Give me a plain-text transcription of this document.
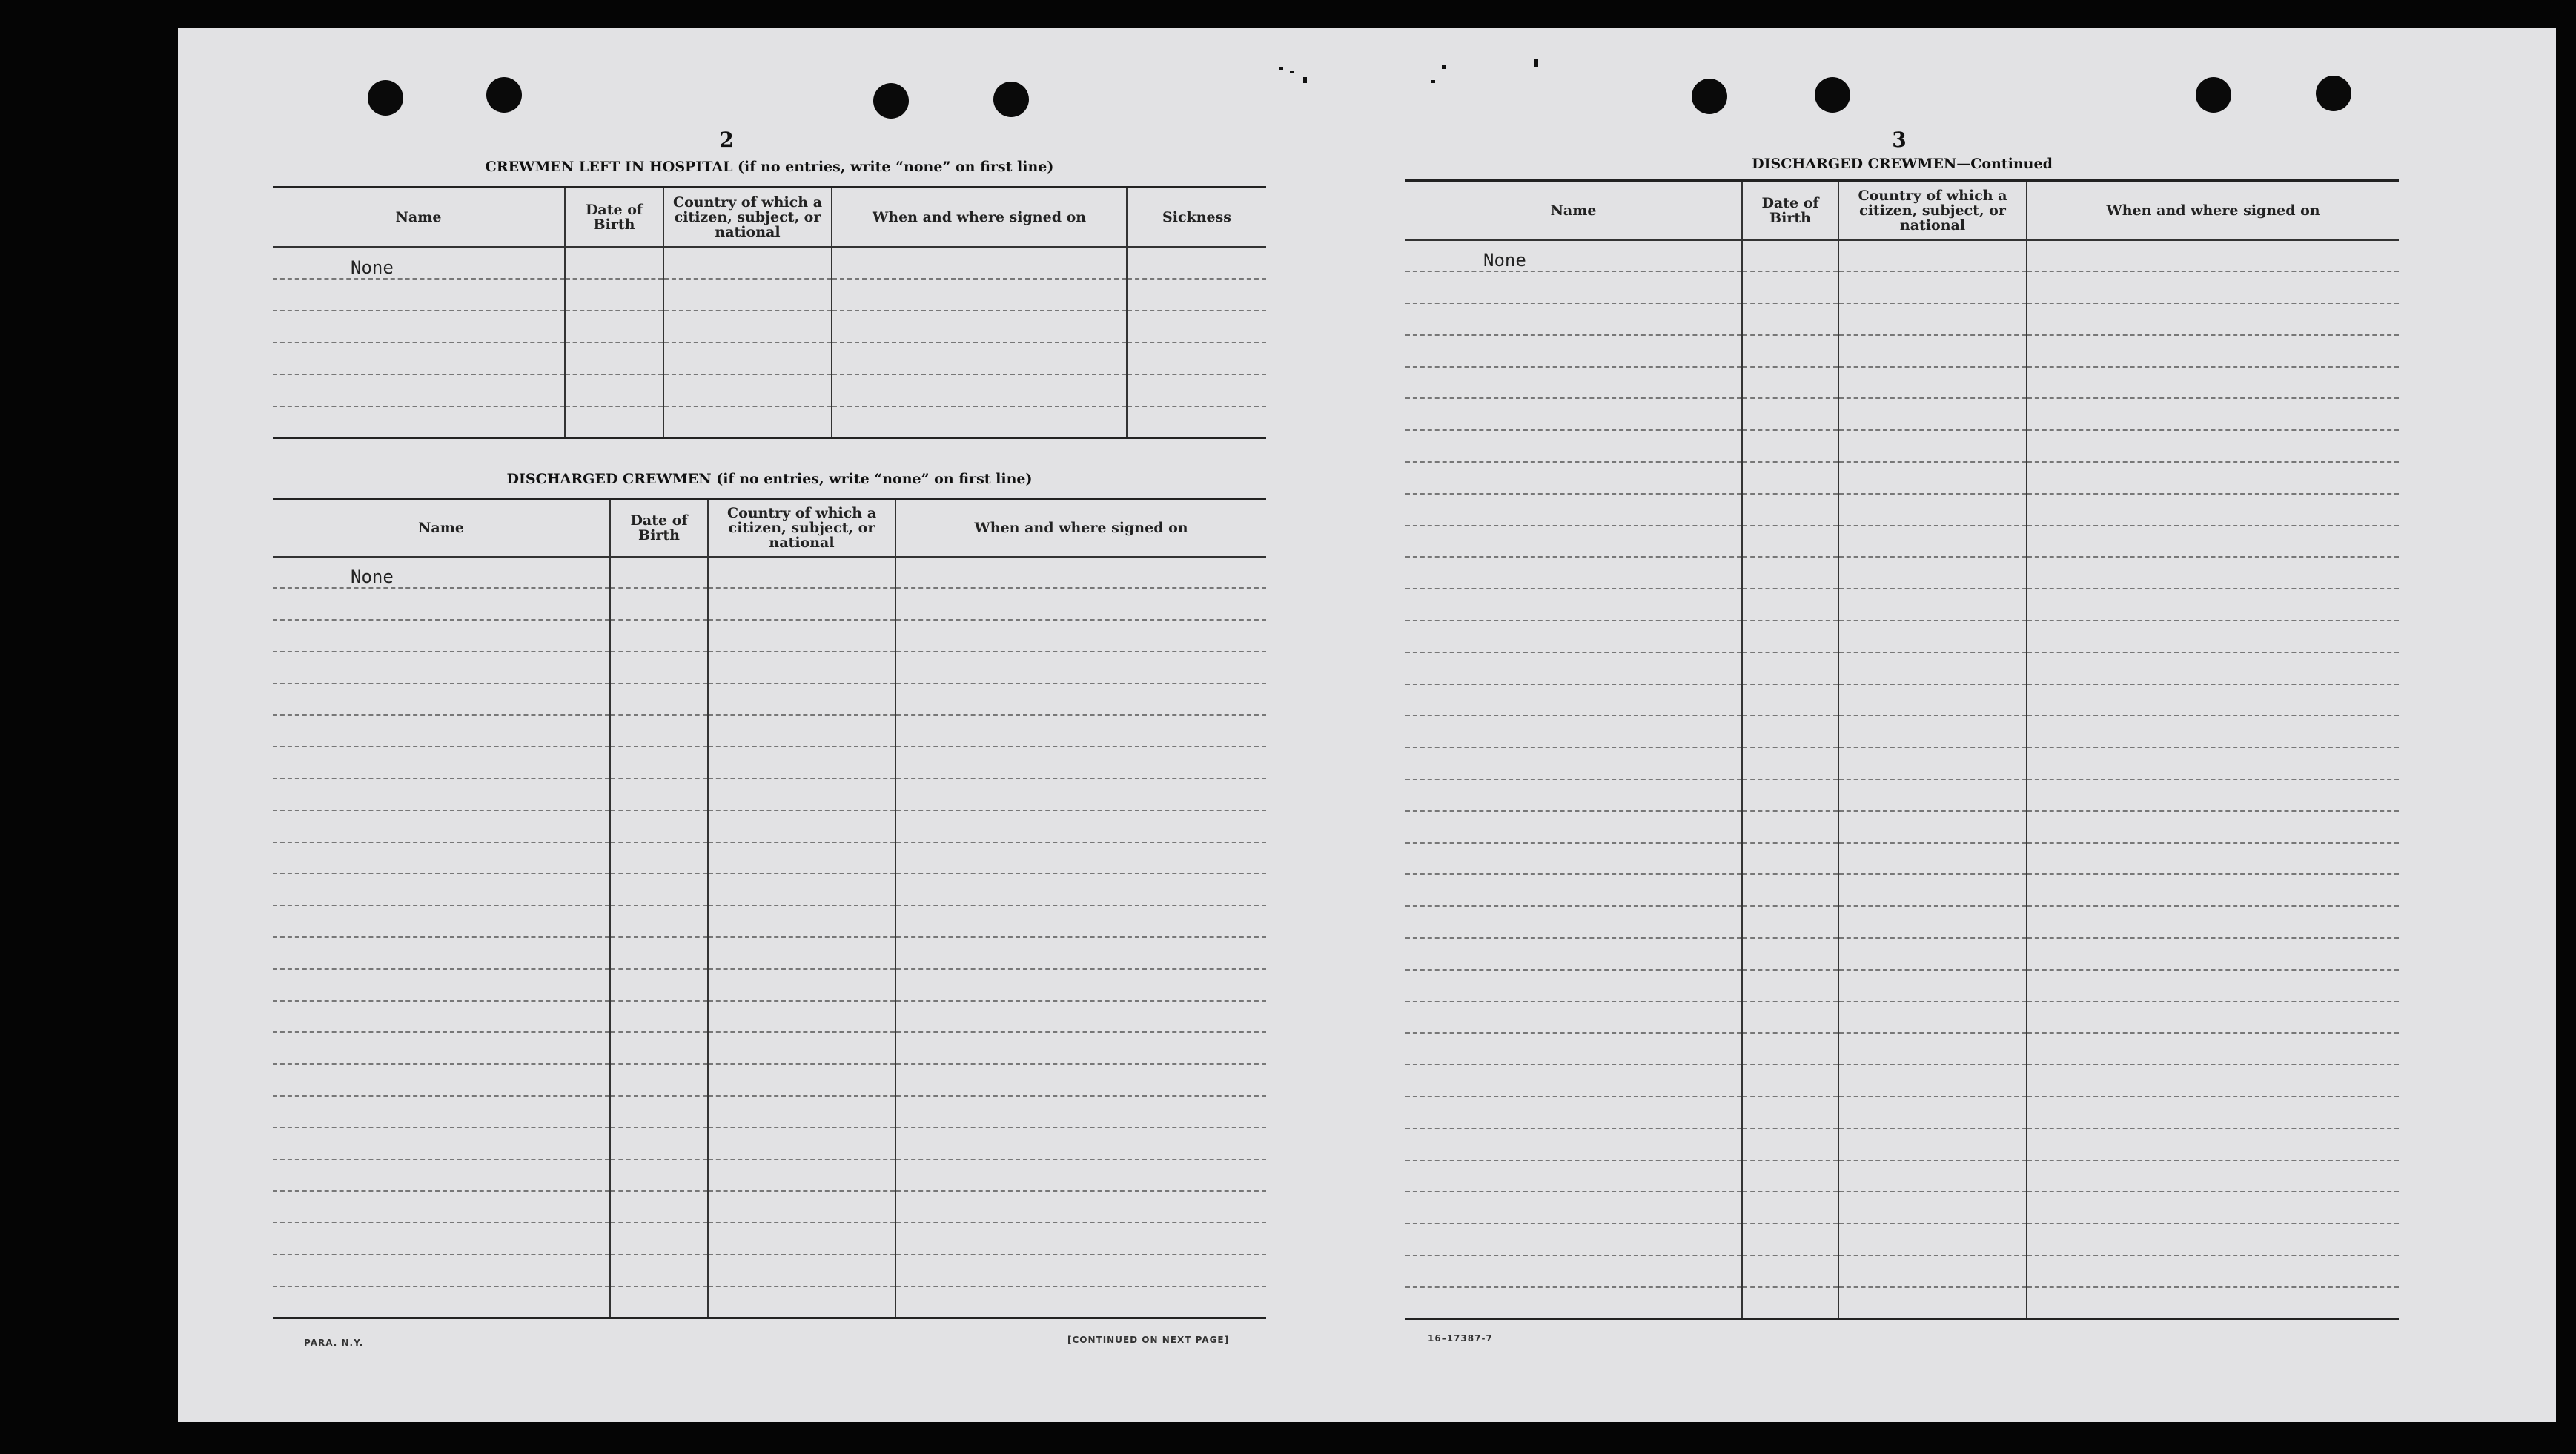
2
CREWMEN LEFT IN HOSPITAL (if no entries, write “none” on first line)
Name	Date of Birth	Country of which a citizen, subject, or national	When and where signed on	Sickness
None				

DISCHARGED CREWMEN (if no entries, write “none” on first line)
Name	Date of Birth	Country of which a citizen, subject, or national	When and where signed on
None			

PARA. N.Y.	[CONTINUED ON NEXT PAGE]
3
DISCHARGED CREWMEN—Continued
Name	Date of Birth	Country of which a citizen, subject, or national	When and where signed on
None			

16–17387-7
